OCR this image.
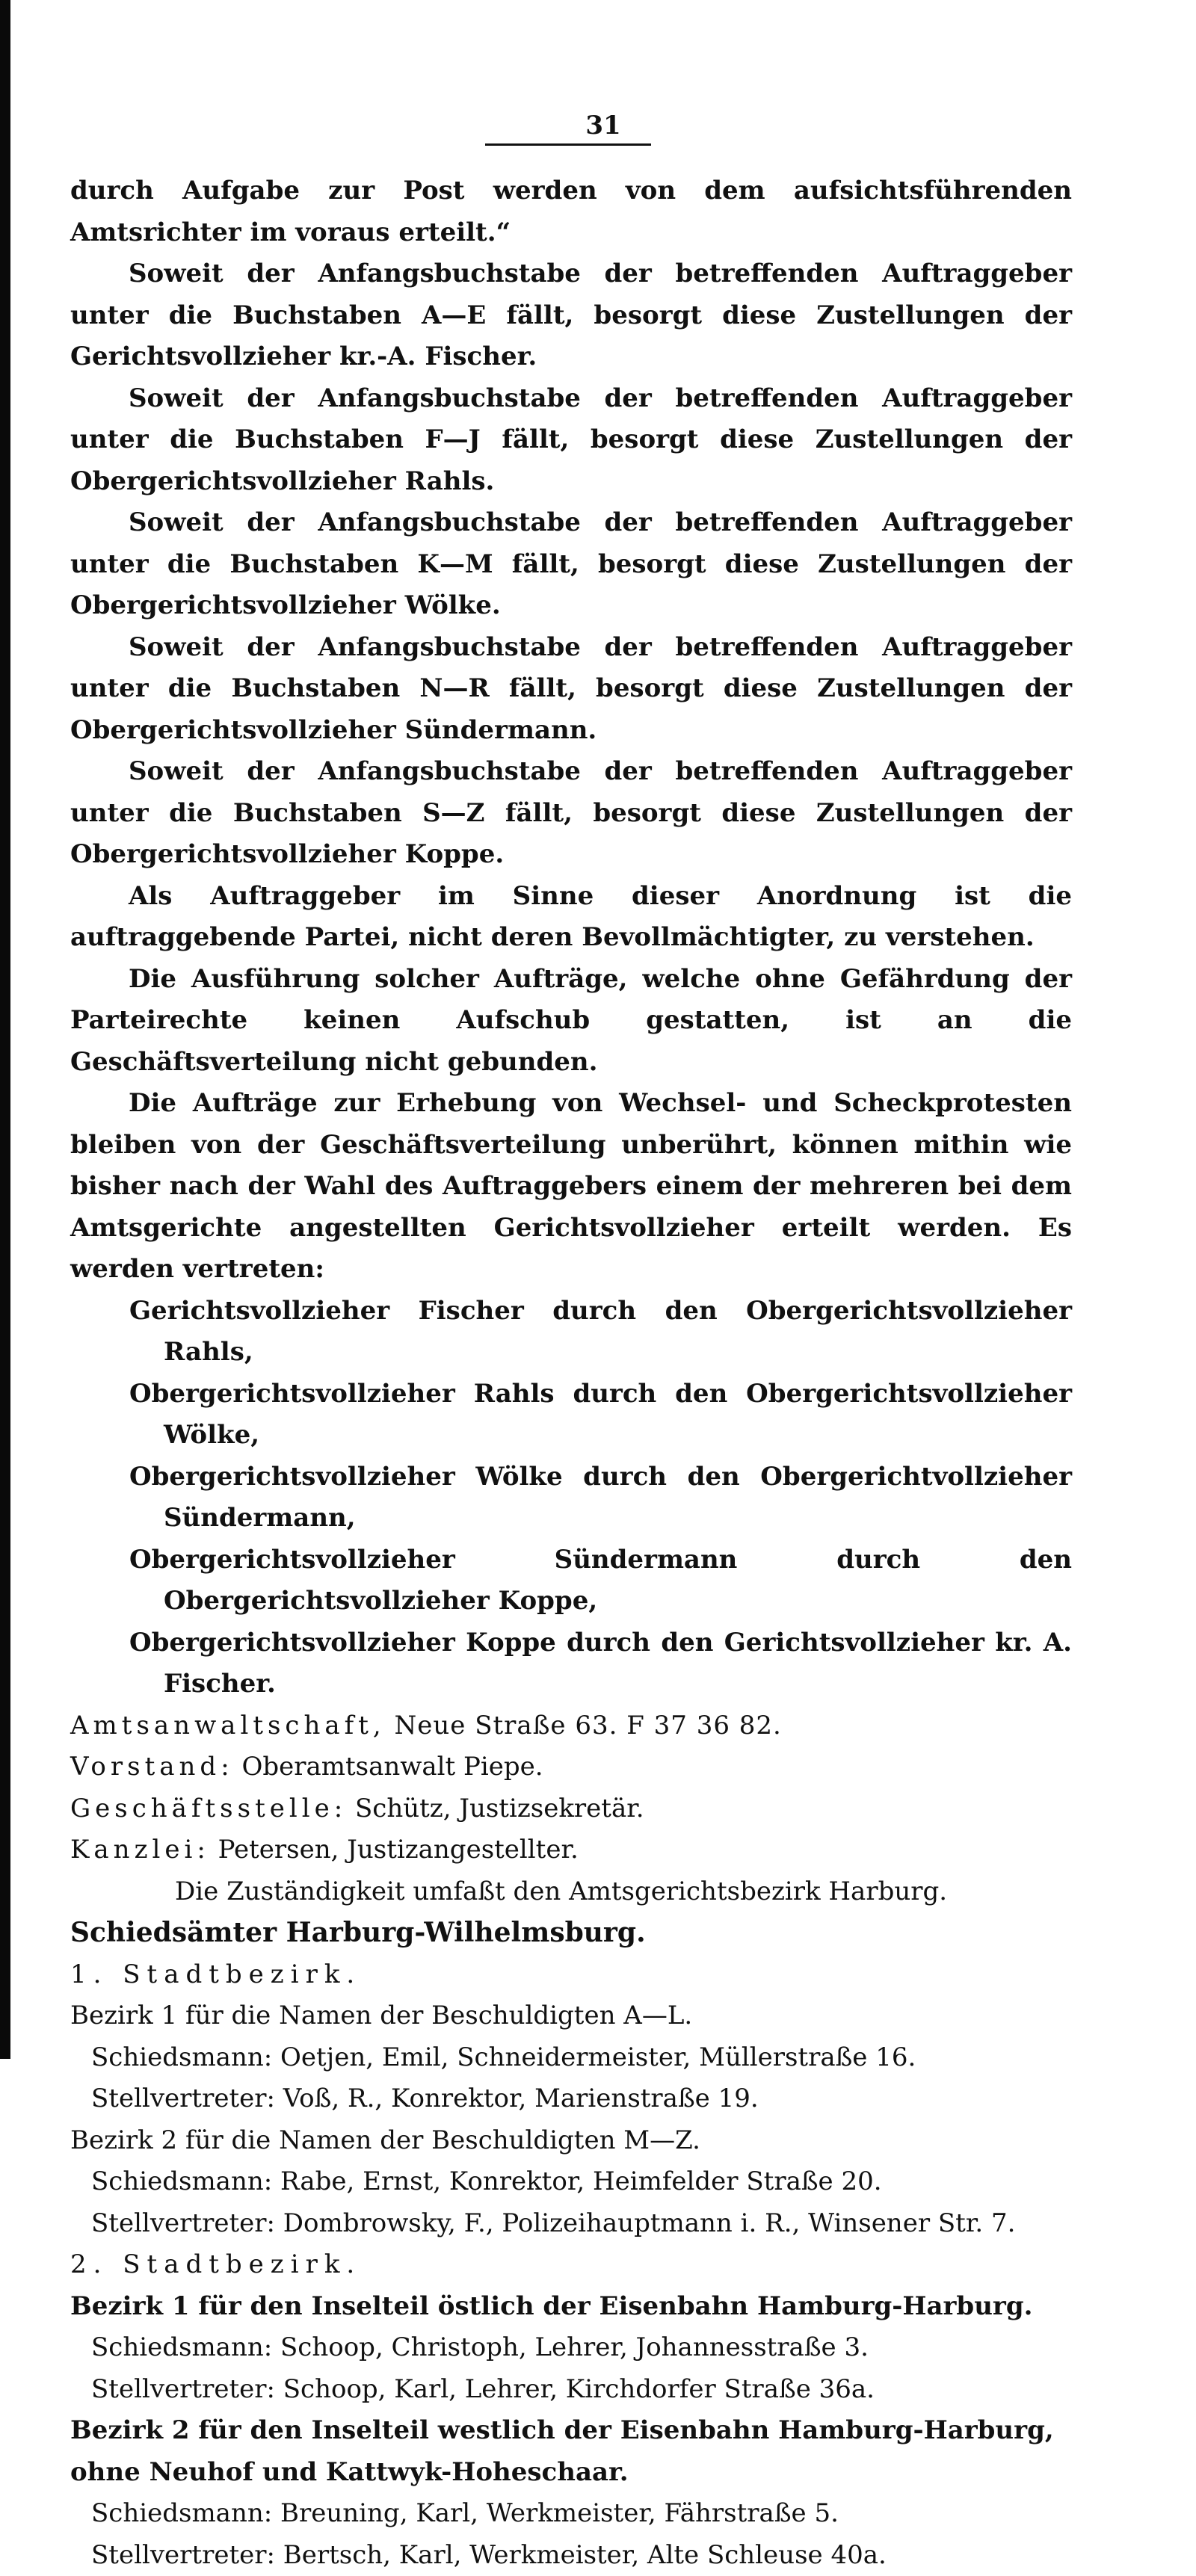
31

durch Aufgabe zur Post werden von dem aufsichtsführenden Amtsrichter im voraus erteilt.“

Soweit der Anfangsbuchstabe der betreffenden Auftraggeber unter die Buchstaben A—E fällt, besorgt diese Zustellungen der Gerichtsvollzieher kr.-A. Fischer.

Soweit der Anfangsbuchstabe der betreffenden Auftraggeber unter die Buchstaben F—J fällt, besorgt diese Zustellungen der Obergerichtsvollzieher Rahls.

Soweit der Anfangsbuchstabe der betreffenden Auftraggeber unter die Buchstaben K—M fällt, besorgt diese Zustellungen der Obergerichtsvollzieher Wölke.

Soweit der Anfangsbuchstabe der betreffenden Auftraggeber unter die Buchstaben N—R fällt, besorgt diese Zustellungen der Obergerichtsvollzieher Sündermann.

Soweit der Anfangsbuchstabe der betreffenden Auftraggeber unter die Buchstaben S—Z fällt, besorgt diese Zustellungen der Obergerichtsvollzieher Koppe.

Als Auftraggeber im Sinne dieser Anordnung ist die auftraggebende Partei, nicht deren Bevollmächtigter, zu verstehen.

Die Ausführung solcher Aufträge, welche ohne Gefährdung der Parteirechte keinen Aufschub gestatten, ist an die Geschäftsverteilung nicht gebunden.

Die Aufträge zur Erhebung von Wechsel- und Scheckprotesten bleiben von der Geschäftsverteilung unberührt, können mithin wie bisher nach der Wahl des Auftraggebers einem der mehreren bei dem Amtsgerichte angestellten Gerichtsvollzieher erteilt werden. Es werden vertreten:

Gerichtsvollzieher Fischer durch den Obergerichtsvollzieher Rahls,

Obergerichtsvollzieher Rahls durch den Obergerichtsvollzieher Wölke,

Obergerichtsvollzieher Wölke durch den Obergerichtvollzieher Sündermann,

Obergerichtsvollzieher Sündermann durch den Obergerichtsvollzieher Koppe,

Obergerichtsvollzieher Koppe durch den Gerichtsvollzieher kr. A. Fischer.

Amtsanwaltschaft, Neue Straße 63. F 37 36 82.

Vorstand: Oberamtsanwalt Piepe.

Geschäftsstelle: Schütz, Justizsekretär.

Kanzlei: Petersen, Justizangestellter.

Die Zuständigkeit umfaßt den Amtsgerichtsbezirk Harburg.

Schiedsämter Harburg-Wilhelmsburg.

1. Stadtbezirk.

Bezirk 1 für die Namen der Beschuldigten A—L.

Schiedsmann: Oetjen, Emil, Schneidermeister, Müllerstraße 16.

Stellvertreter: Voß, R., Konrektor, Marienstraße 19.

Bezirk 2 für die Namen der Beschuldigten M—Z.

Schiedsmann: Rabe, Ernst, Konrektor, Heimfelder Straße 20.

Stellvertreter: Dombrowsky, F., Polizeihauptmann i. R., Winsener Str. 7.

2. Stadtbezirk.

Bezirk 1 für den Inselteil östlich der Eisenbahn Hamburg-Harburg.

Schiedsmann: Schoop, Christoph, Lehrer, Johannesstraße 3.

Stellvertreter: Schoop, Karl, Lehrer, Kirchdorfer Straße 36a.

Bezirk 2 für den Inselteil westlich der Eisenbahn Hamburg-Harburg,

ohne Neuhof und Kattwyk-Hoheschaar.

Schiedsmann: Breuning, Karl, Werkmeister, Fährstraße 5.

Stellvertreter: Bertsch, Karl, Werkmeister, Alte Schleuse 40a.
